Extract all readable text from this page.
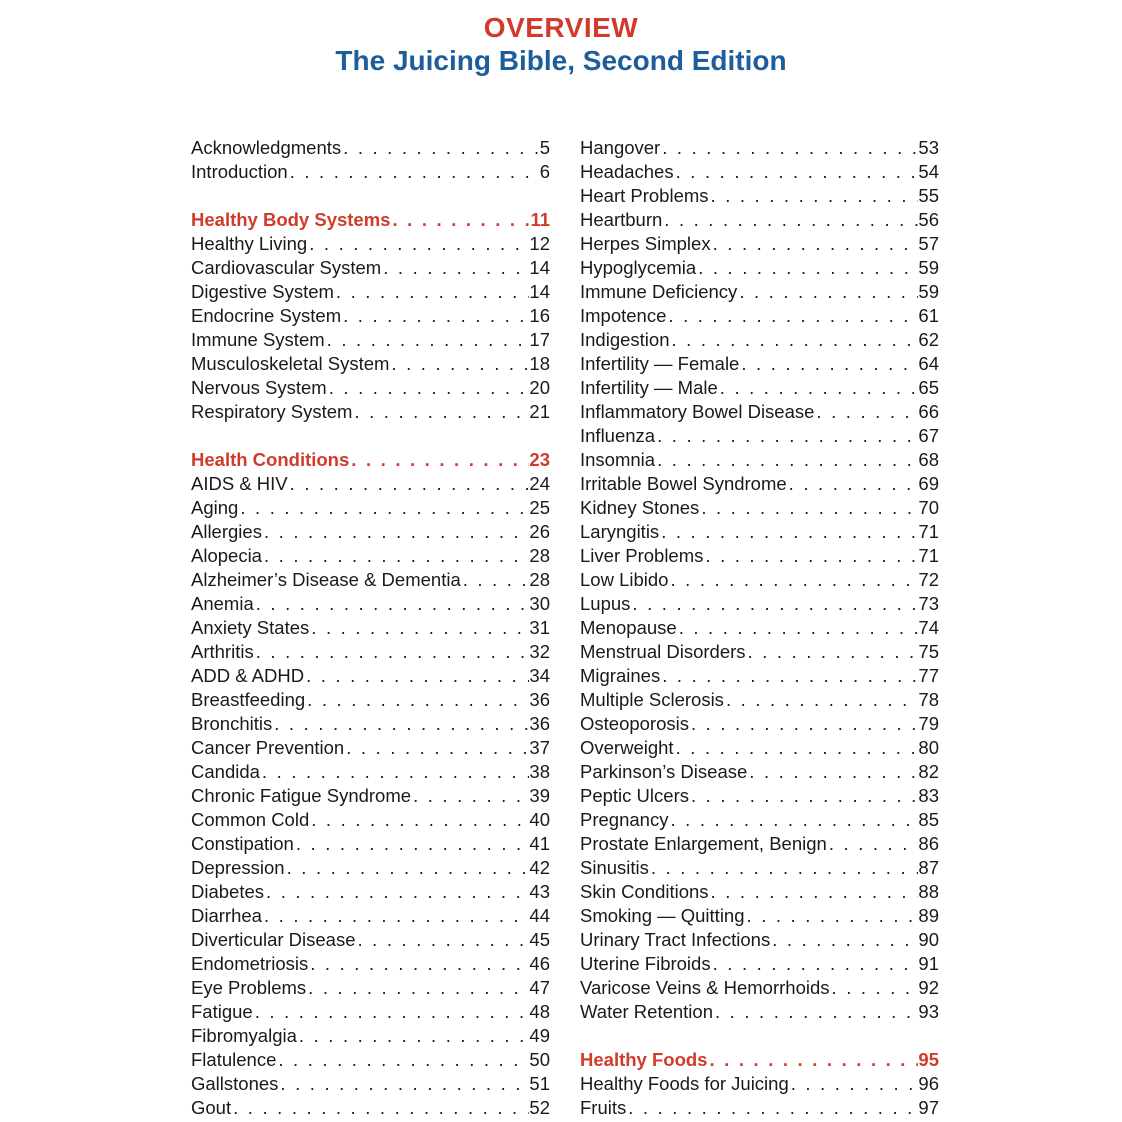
OVERVIEW
The Juicing Bible, Second Edition
Acknowledgments . . .	5
Introduction . . .	6
Healthy Body Systems . . .	11
Healthy Living . . .	12
Cardiovascular System . . .	14
Digestive System . . .	14
Endocrine System . . .	16
Immune System . . .	17
Musculoskeletal System . . .	18
Nervous System . . .	20
Respiratory System . . .	21
Health Conditions . . .	23
AIDS & HIV . . .	24
Aging . . .	25
Allergies . . .	26
Alopecia . . .	28
Alzheimer’s Disease & Dementia . . .	28
Anemia . . .	30
Anxiety States . . .	31
Arthritis . . .	32
ADD & ADHD . . .	34
Breastfeeding . . .	36
Bronchitis . . .	36
Cancer Prevention . . .	37
Candida . . .	38
Chronic Fatigue Syndrome . . .	39
Common Cold . . .	40
Constipation . . .	41
Depression . . .	42
Diabetes . . .	43
Diarrhea . . .	44
Diverticular Disease . . .	45
Endometriosis . . .	46
Eye Problems . . .	47
Fatigue . . .	48
Fibromyalgia . . .	49
Flatulence . . .	50
Gallstones . . .	51
Gout . . .	52
Hangover . . .	53
Headaches . . .	54
Heart Problems . . .	55
Heartburn . . .	56
Herpes Simplex . . .	57
Hypoglycemia . . .	59
Immune Deficiency . . .	59
Impotence . . .	61
Indigestion . . .	62
Infertility — Female . . .	64
Infertility — Male . . .	65
Inflammatory Bowel Disease . . .	66
Influenza . . .	67
Insomnia . . .	68
Irritable Bowel Syndrome . . .	69
Kidney Stones . . .	70
Laryngitis . . .	71
Liver Problems . . .	71
Low Libido . . .	72
Lupus . . .	73
Menopause . . .	74
Menstrual Disorders . . .	75
Migraines . . .	77
Multiple Sclerosis . . .	78
Osteoporosis . . .	79
Overweight . . .	80
Parkinson’s Disease . . .	82
Peptic Ulcers . . .	83
Pregnancy . . .	85
Prostate Enlargement, Benign . . .	86
Sinusitis . . .	87
Skin Conditions . . .	88
Smoking — Quitting . . .	89
Urinary Tract Infections . . .	90
Uterine Fibroids . . .	91
Varicose Veins & Hemorrhoids . . .	92
Water Retention . . .	93
Healthy Foods . . .	95
Healthy Foods for Juicing . . .	96
Fruits . . .	97
